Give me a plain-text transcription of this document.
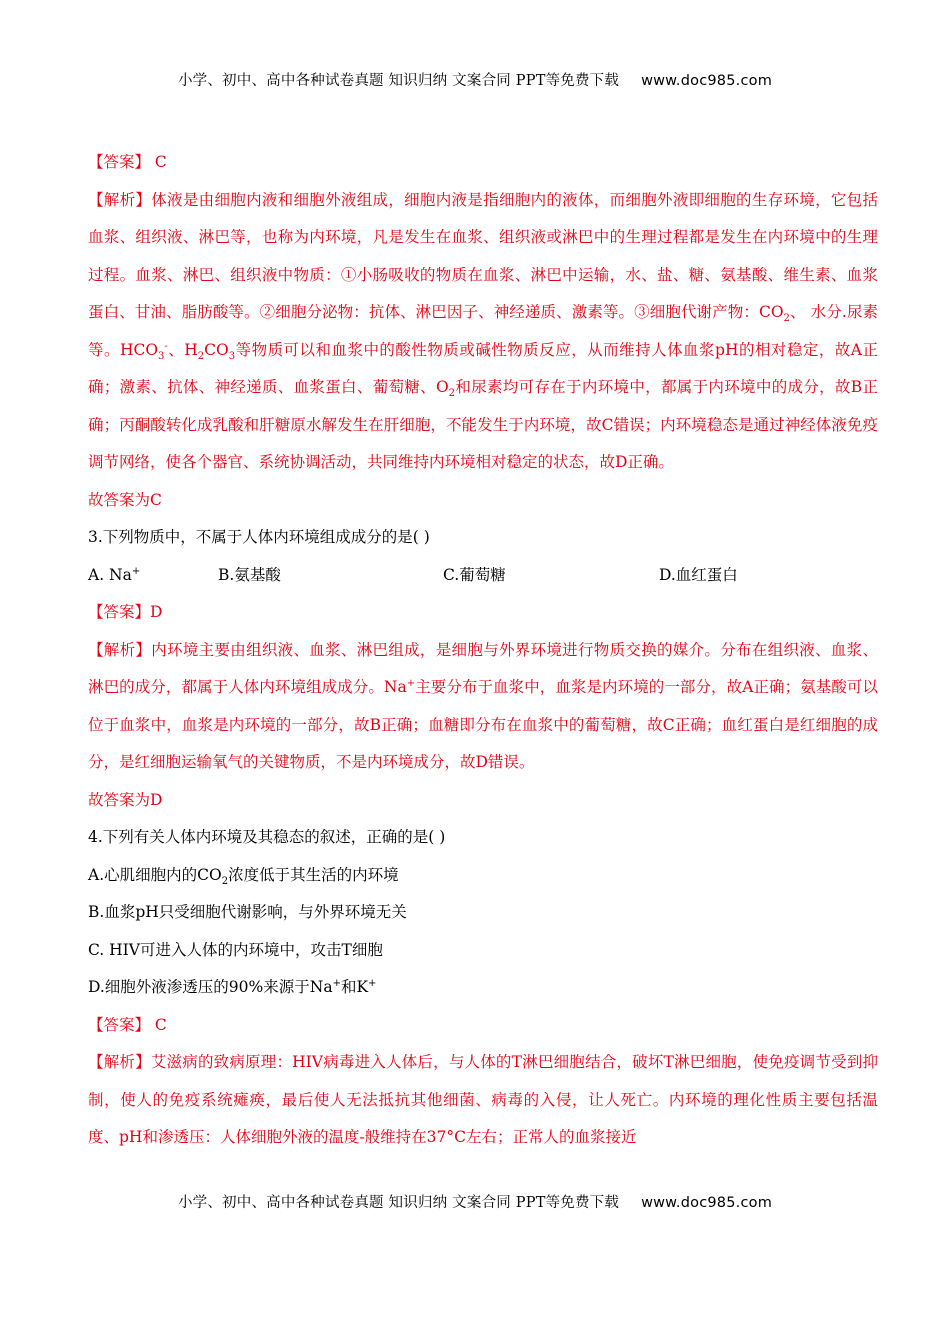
小学、初中、高中各种试卷真题 知识归纳 文案合同 PPT等免费下载 www.doc985.com

【答案】 C

【解析】体液是由细胞内液和细胞外液组成，细胞内液是指细胞内的液体，而细胞外液即细胞的生存环境，它包括血浆、组织液、淋巴等，也称为内环境，凡是发生在血浆、组织液或淋巴中的生理过程都是发生在内环境中的生理过程。血浆、淋巴、组织液中物质：①小肠吸收的物质在血浆、淋巴中运输，水、盐、糖、氨基酸、维生素、血浆蛋白、甘油、脂肪酸等。②细胞分泌物：抗体、淋巴因子、神经递质、激素等。③细胞代谢产物：$CO_2$、 水分.尿素等。$HCO_3^-$、$H_2CO_3$等物质可以和血浆中的酸性物质或碱性物质反应，从而维持人体血浆pH的相对稳定，故A正确；激素、抗体、神经递质、血浆蛋白、葡萄糖、$O_2$和尿素均可存在于内环境中，都属于内环境中的成分，故B正确；丙酮酸转化成乳酸和肝糖原水解发生在肝细胞，不能发生于内环境，故C错误；内环境稳态是通过神经体液免疫调节网络，使各个器官、系统协调活动，共同维持内环境相对稳定的状态，故D正确。

故答案为C

3.下列物质中，不属于人体内环境组成成分的是( )

A. Na+	B.氨基酸	C.葡萄糖	D.血红蛋白

【答案】D

【解析】内环境主要由组织液、血浆、淋巴组成，是细胞与外界环境进行物质交换的媒介。分布在组织液、血浆、淋巴的成分，都属于人体内环境组成成分。Na+主要分布于血浆中，血浆是内环境的一部分，故A正确；氨基酸可以位于血浆中，血浆是内环境的一部分，故B正确；血糖即分布在血浆中的葡萄糖，故C正确；血红蛋白是红细胞的成分，是红细胞运输氧气的关键物质，不是内环境成分，故D错误。

故答案为D

4.下列有关人体内环境及其稳态的叙述，正确的是( )

A.心肌细胞内的$CO_2$浓度低于其生活的内环境

B.血浆pH只受细胞代谢影响，与外界环境无关

C. HIV可进入人体的内环境中，攻击T细胞

D.细胞外液渗透压的90%来源于Na+和K+

【答案】 C

【解析】艾滋病的致病原理：HIV病毒进入人体后，与人体的T淋巴细胞结合，破坏T淋巴细胞，使免疫调节受到抑制，使人的免疫系统瘫痪，最后使人无法抵抗其他细菌、病毒的入侵，让人死亡。内环境的理化性质主要包括温度、pH和渗透压：人体细胞外液的温度-般维持在37°C左右；正常人的血浆接近

小学、初中、高中各种试卷真题 知识归纳 文案合同 PPT等免费下载 www.doc985.com
